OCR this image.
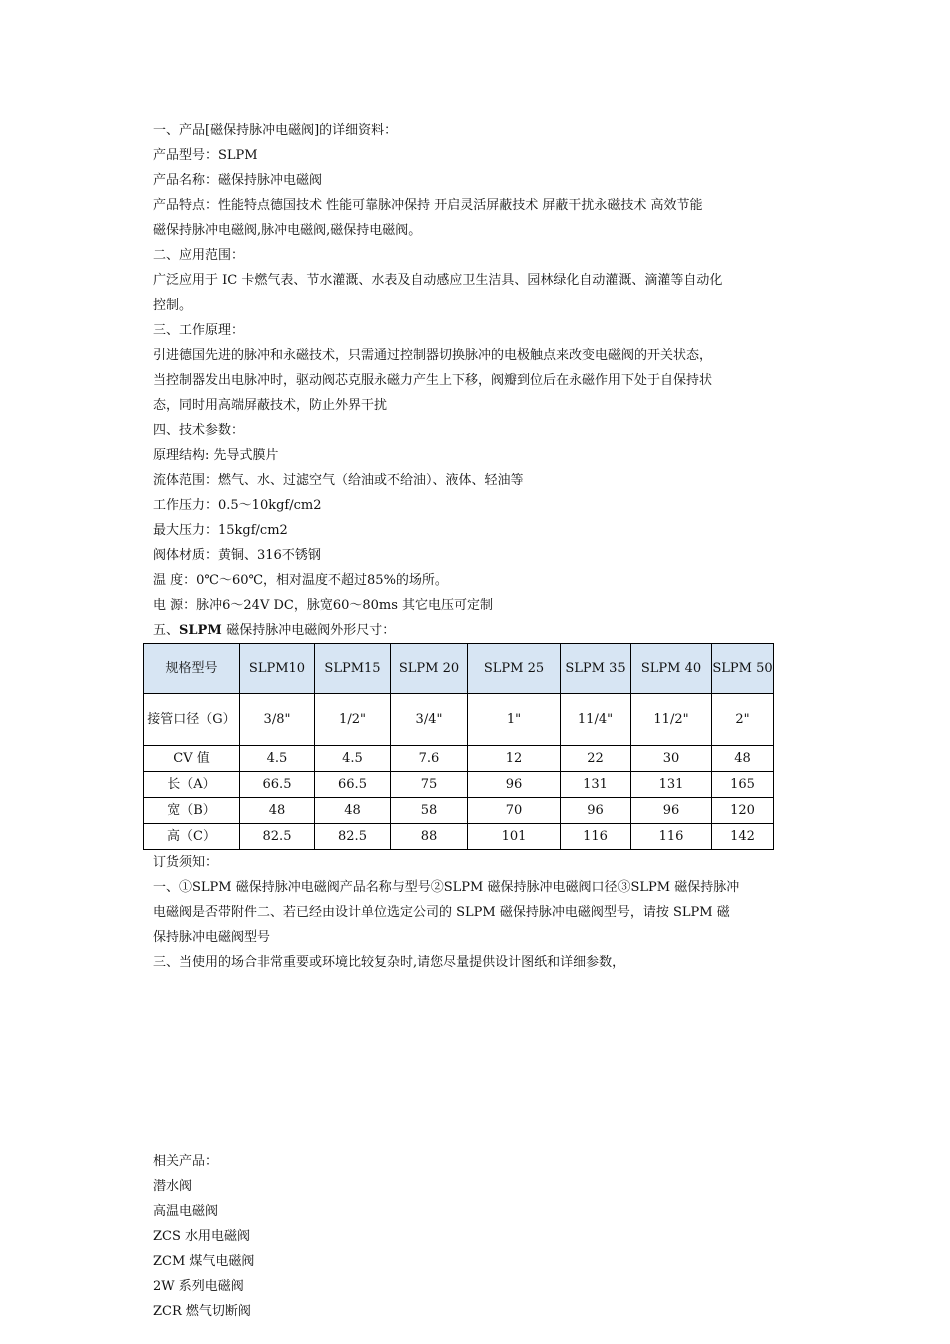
一、产品[磁保持脉冲电磁阀]的详细资料：
产品型号：SLPM
产品名称：磁保持脉冲电磁阀
产品特点：性能特点德国技术 性能可靠脉冲保持 开启灵活屏蔽技术 屏蔽干扰永磁技术 高效节能
磁保持脉冲电磁阀,脉冲电磁阀,磁保持电磁阀。
二、应用范围：
广泛应用于 IC 卡燃气表、节水灌溉、水表及自动感应卫生洁具、园林绿化自动灌溉、滴灌等自动化
控制。
三、工作原理：
引进德国先进的脉冲和永磁技术，只需通过控制器切换脉冲的电极触点来改变电磁阀的开关状态，
当控制器发出电脉冲时，驱动阀芯克服永磁力产生上下移，阀瓣到位后在永磁作用下处于自保持状
态，同时用高端屏蔽技术，防止外界干扰
四、技术参数：
原理结构: 先导式膜片
流体范围：燃气、水、过滤空气（给油或不给油）、液体、轻油等
工作压力：0.5～10kgf/cm2
最大压力：15kgf/cm2
阀体材质：黄铜、316不锈钢
温 度：0℃～60℃，相对温度不超过85%的场所。
电 源：脉冲6～24V DC，脉宽60～80ms 其它电压可定制
五、SLPM 磁保持脉冲电磁阀外形尺寸：
规格型号	SLPM10	SLPM15	SLPM 20	SLPM 25	SLPM 35	SLPM 40	SLPM 50
接管口径（G）	3/8"	1/2"	3/4"	1"	11/4"	11/2"	2"
CV 值	4.5	4.5	7.6	12	22	30	48
长（A）	66.5	66.5	75	96	131	131	165
宽（B）	48	48	58	70	96	96	120
高（C）	82.5	82.5	88	101	116	116	142
订货须知：
一、①SLPM 磁保持脉冲电磁阀产品名称与型号②SLPM 磁保持脉冲电磁阀口径③SLPM 磁保持脉冲
电磁阀是否带附件二、若已经由设计单位选定公司的 SLPM 磁保持脉冲电磁阀型号，请按 SLPM 磁
保持脉冲电磁阀型号
三、当使用的场合非常重要或环境比较复杂时,请您尽量提供设计图纸和详细参数，
相关产品：
潜水阀
高温电磁阀
ZCS 水用电磁阀
ZCM 煤气电磁阀
2W 系列电磁阀
ZCR 燃气切断阀
